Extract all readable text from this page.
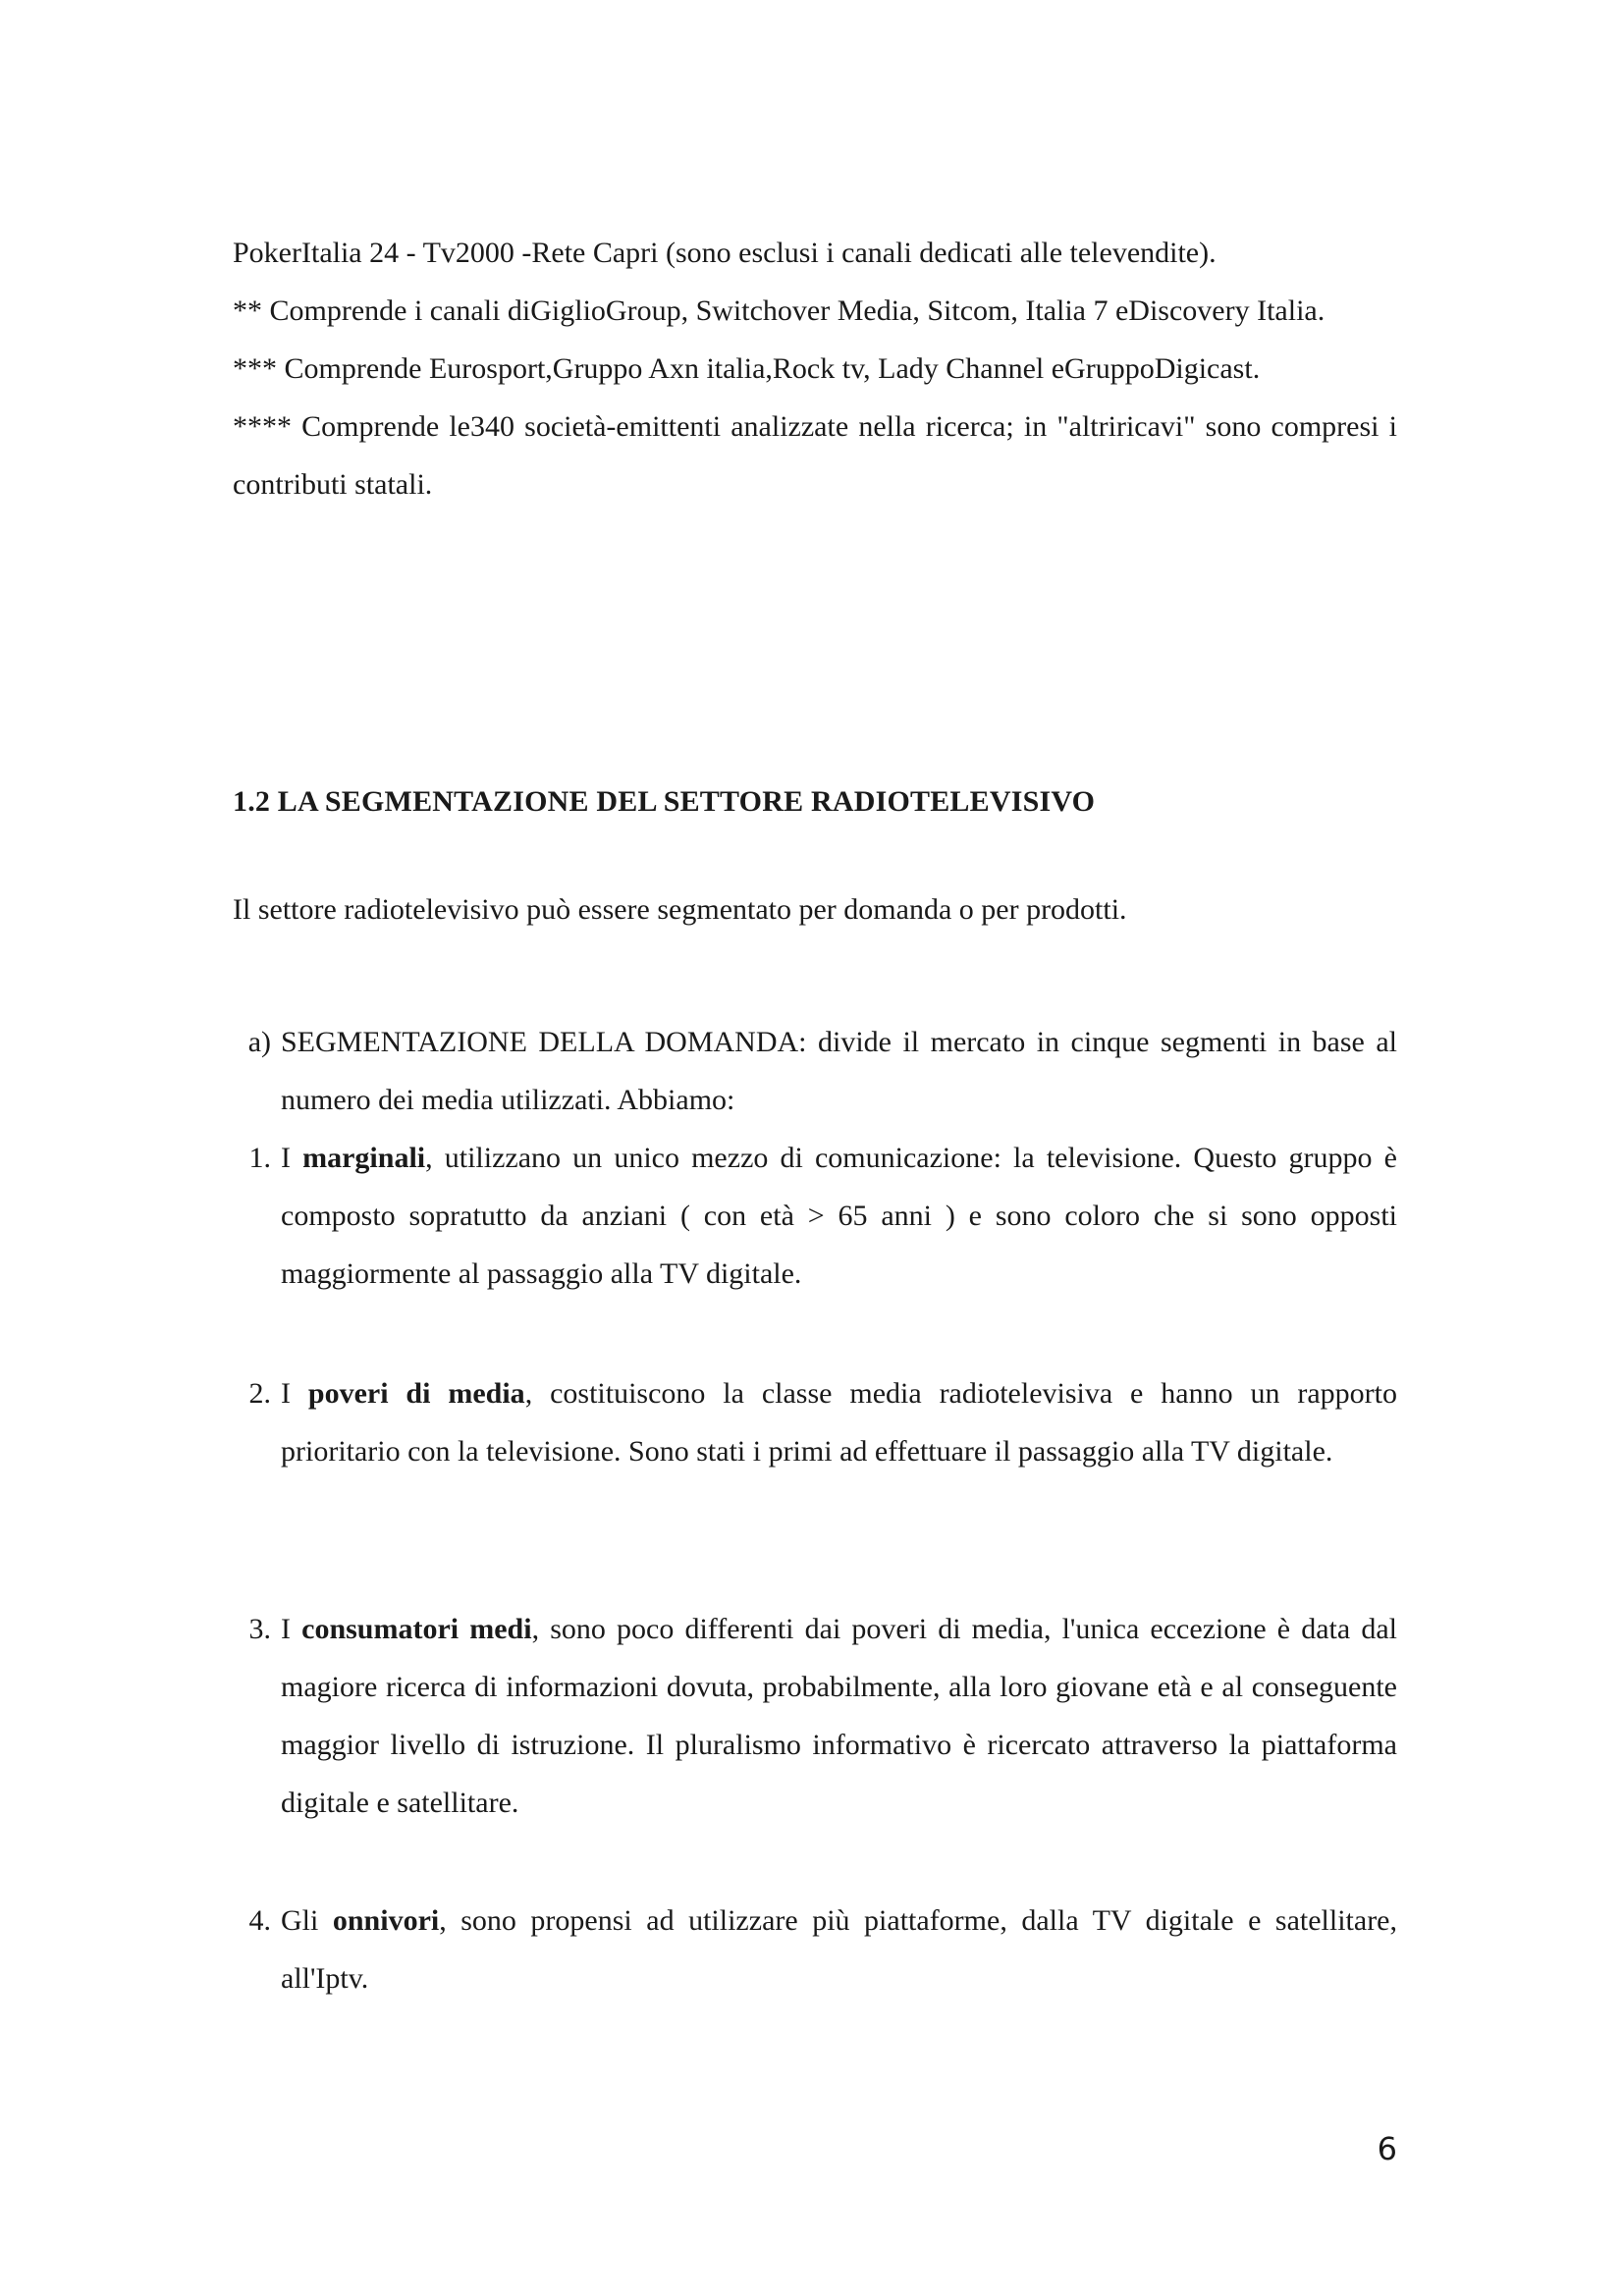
PokerItalia 24 - Tv2000 -Rete Capri (sono esclusi i canali dedicati alle televendite).

** Comprende i canali diGiglioGroup, Switchover Media, Sitcom, Italia 7 eDiscovery Italia.

*** Comprende Eurosport,Gruppo Axn italia,Rock tv, Lady Channel eGruppoDigicast.

**** Comprende le340 società-emittenti analizzate nella ricerca; in "altriricavi" sono compresi i contributi statali.

1.2 LA SEGMENTAZIONE DEL SETTORE RADIOTELEVISIVO
Il settore radiotelevisivo può essere segmentato per domanda o per prodotti.
a) SEGMENTAZIONE DELLA DOMANDA: divide il mercato in cinque segmenti in base al numero dei media utilizzati. Abbiamo:
1. I marginali, utilizzano un unico mezzo di comunicazione: la televisione. Questo gruppo è composto sopratutto da anziani ( con età > 65 anni ) e sono coloro che si sono opposti maggiormente al passaggio alla TV digitale.
2. I poveri di media, costituiscono la classe media radiotelevisiva e hanno un rapporto prioritario con la televisione. Sono stati i primi ad effettuare il passaggio alla TV digitale.
3. I consumatori medi, sono poco differenti dai poveri di media, l'unica eccezione è data dal magiore ricerca di informazioni dovuta, probabilmente, alla loro giovane età e al conseguente maggior livello di istruzione. Il pluralismo informativo è ricercato attraverso la piattaforma digitale e satellitare.
4. Gli onnivori, sono propensi ad utilizzare più piattaforme, dalla TV digitale e satellitare, all'Iptv.
6
